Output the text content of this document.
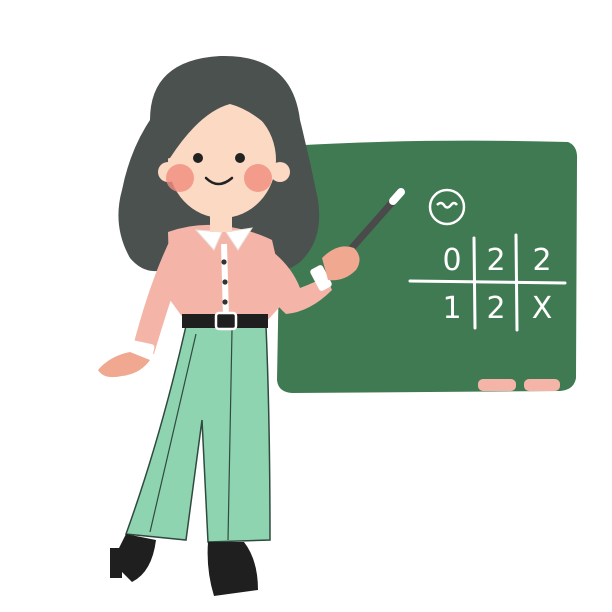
0 2 2
1 2 X
